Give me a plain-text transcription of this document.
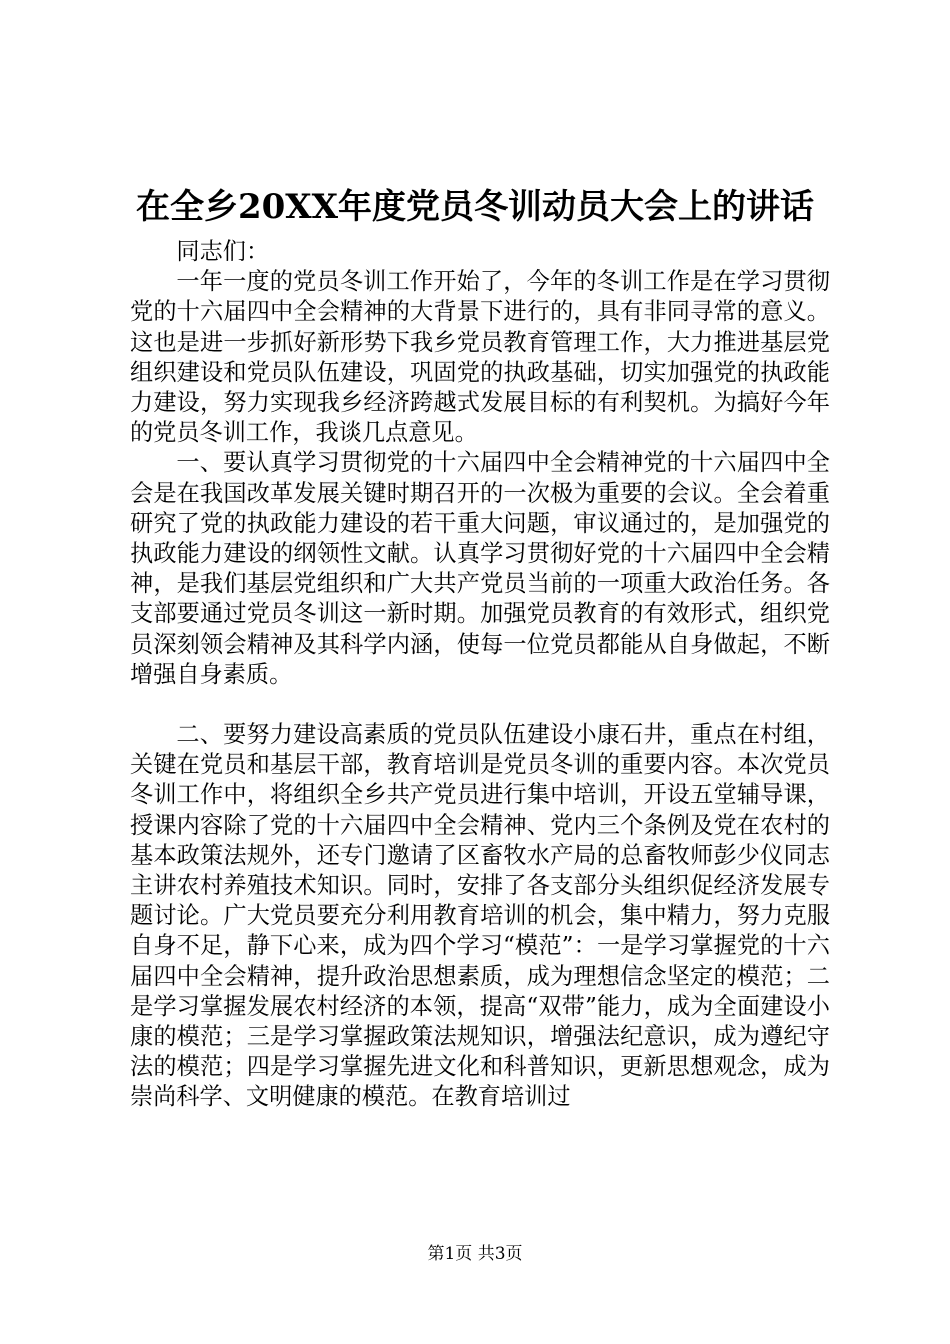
在全乡20XX年度党员冬训动员大会上的讲话

同志们：

一年一度的党员冬训工作开始了，今年的冬训工作是在学习贯彻党的十六届四中全会精神的大背景下进行的，具有非同寻常的意义。这也是进一步抓好新形势下我乡党员教育管理工作，大力推进基层党组织建设和党员队伍建设，巩固党的执政基础，切实加强党的执政能力建设，努力实现我乡经济跨越式发展目标的有利契机。为搞好今年的党员冬训工作，我谈几点意见。

一、要认真学习贯彻党的十六届四中全会精神党的十六届四中全会是在我国改革发展关键时期召开的一次极为重要的会议。全会着重研究了党的执政能力建设的若干重大问题，审议通过的，是加强党的执政能力建设的纲领性文献。认真学习贯彻好党的十六届四中全会精神，是我们基层党组织和广大共产党员当前的一项重大政治任务。各支部要通过党员冬训这一新时期。加强党员教育的有效形式，组织党员深刻领会精神及其科学内涵，使每一位党员都能从自身做起，不断增强自身素质。

二、要努力建设高素质的党员队伍建设小康石井，重点在村组，关键在党员和基层干部，教育培训是党员冬训的重要内容。本次党员冬训工作中，将组织全乡共产党员进行集中培训，开设五堂辅导课，授课内容除了党的十六届四中全会精神、党内三个条例及党在农村的基本政策法规外，还专门邀请了区畜牧水产局的总畜牧师彭少仪同志主讲农村养殖技术知识。同时，安排了各支部分头组织促经济发展专题讨论。广大党员要充分利用教育培训的机会，集中精力，努力克服自身不足，静下心来，成为四个学习“模范”：一是学习掌握党的十六届四中全会精神，提升政治思想素质，成为理想信念坚定的模范；二是学习掌握发展农村经济的本领，提高“双带”能力，成为全面建设小康的模范；三是学习掌握政策法规知识，增强法纪意识，成为遵纪守法的模范；四是学习掌握先进文化和科普知识，更新思想观念，成为崇尚科学、文明健康的模范。在教育培训过

第1页 共3页
